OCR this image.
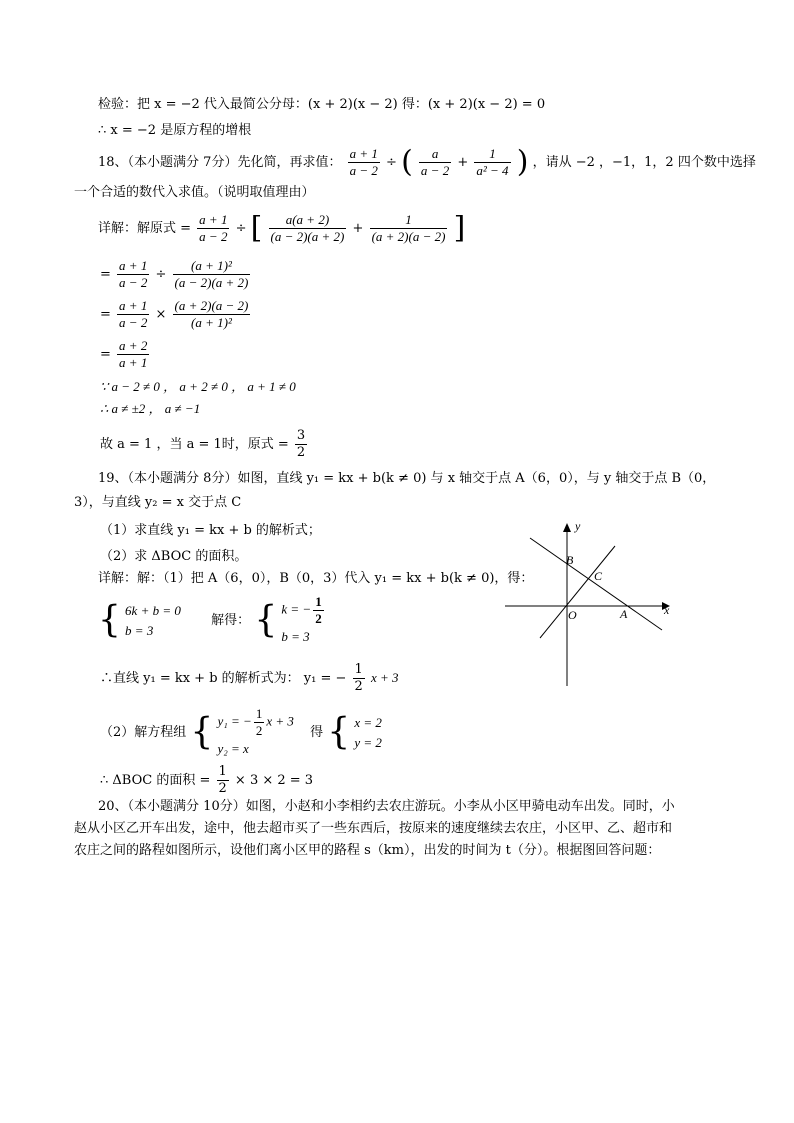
检验：把 x = −2 代入最简公分母：(x + 2)(x − 2) 得：(x + 2)(x − 2) = 0
∴ x = −2 是原方程的增根
18、（本小题满分 7分）先化简，再求值： $\frac{a + 1}{a - 2}$ ÷ ( $\frac{a}{a - 2} + \frac{1}{\text{a² − 4}}$ ) ，请从 −2 ，−1，1，2 四个数中选择
一个合适的数代入求值。（说明取值理由）
详解：解原式 = $\frac{a + 1}{a - 2}$ ÷ [ $\frac{a(a + 2)}{(a - 2)(a + 2)} + \frac{1}{(a + 2)(a - 2)}$ ]
= $\frac{a + 1}{a - 2} \div \frac{\text{(a + 1)²}}{(a - 2)(a + 2)}$
= $\frac{a + 1}{a - 2} \times \frac{(a + 2)(a - 2)}{\text{(a + 1)²}}$
= $\frac{a + 2}{a + 1}$
∵ a − 2 ≠ 0 ， a + 2 ≠ 0 ， a + 1 ≠ 0
∴ a ≠ ±2 ， a ≠ −1
故 a = 1 ，当 a = 1时，原式 = $\frac{3}{2}$
19、（本小题满分 8分）如图，直线 y₁ = kx + b(k ≠ 0) 与 x 轴交于点 A（6，0），与 y 轴交于点 B（0，
3），与直线 y₂ = x 交于点 C
（1）求直线 y₁ = kx + b 的解析式；
（2）求 ΔBOC 的面积。
详解：解：（1）把 A（6，0），B（0，3）代入 y₁ = kx + b(k ≠ 0)，得：
{ 6k + b = 0
b = 3
解得： { k = − $\frac{1}{2}$
b = 3
∴直线 y₁ = kx + b 的解析式为： y₁ = − $\frac{1}{2}$ x + 3
（2）解方程组 { y₁ = − $\frac{1}{2}$ x + 3
y₂ = x
得 { x = 2
y = 2
∴ ΔBOC 的面积 = $\frac{1}{2} \times 3 \times 2 = 3$
y
x
B
C
O	A
20、（本小题满分 10分）如图，小赵和小李相约去农庄游玩。小李从小区甲骑电动车出发。同时，小
赵从小区乙开车出发，途中，他去超市买了一些东西后，按原来的速度继续去农庄，小区甲、乙、超市和
农庄之间的路程如图所示，设他们离小区甲的路程 s（km），出发的时间为 t（分）。根据图回答问题：
